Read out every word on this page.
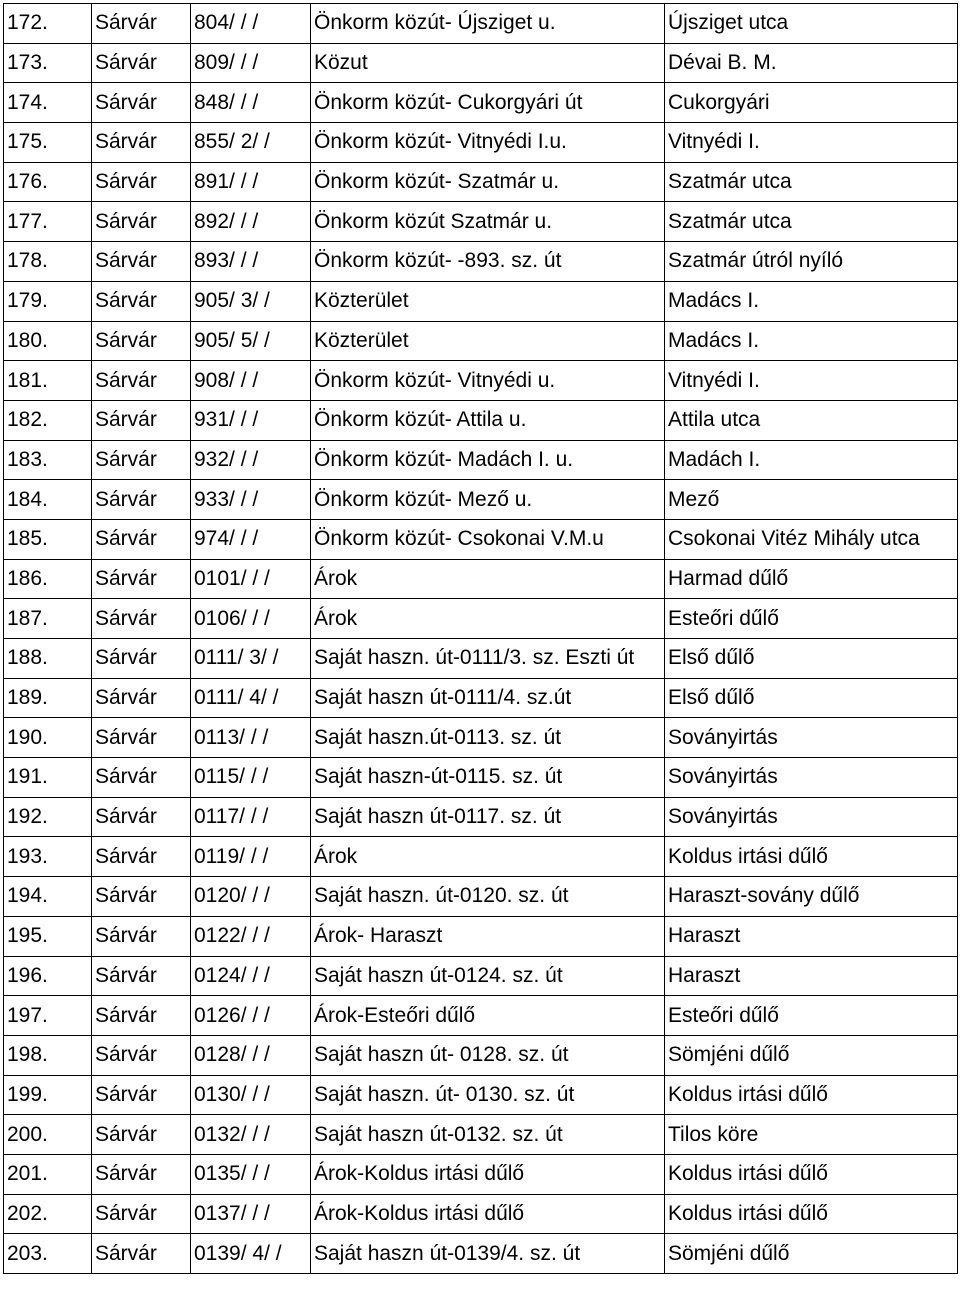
172.	Sárvár	804/ / /	Önkorm közút- Újsziget u.	Újsziget utca
173.	Sárvár	809/ / /	Közut	Dévai B. M.
174.	Sárvár	848/ / /	Önkorm közút- Cukorgyári út	Cukorgyári
175.	Sárvár	855/ 2/ /	Önkorm közút- Vitnyédi I.u.	Vitnyédi I.
176.	Sárvár	891/ / /	Önkorm közút- Szatmár u.	Szatmár utca
177.	Sárvár	892/ / /	Önkorm közút Szatmár u.	Szatmár utca
178.	Sárvár	893/ / /	Önkorm közút- -893. sz. út	Szatmár útról nyíló
179.	Sárvár	905/ 3/ /	Közterület	Madács I.
180.	Sárvár	905/ 5/ /	Közterület	Madács I.
181.	Sárvár	908/ / /	Önkorm közút- Vitnyédi u.	Vitnyédi I.
182.	Sárvár	931/ / /	Önkorm közút- Attila u.	Attila utca
183.	Sárvár	932/ / /	Önkorm közút- Madách I. u.	Madách I.
184.	Sárvár	933/ / /	Önkorm közút- Mező u.	Mező
185.	Sárvár	974/ / /	Önkorm közút- Csokonai V.M.u	Csokonai Vitéz Mihály utca
186.	Sárvár	0101/ / /	Árok	Harmad dűlő
187.	Sárvár	0106/ / /	Árok	Esteőri dűlő
188.	Sárvár	0111/ 3/ /	Saját haszn. út-0111/3. sz. Eszti út	Első dűlő
189.	Sárvár	0111/ 4/ /	Saját haszn út-0111/4. sz.út	Első dűlő
190.	Sárvár	0113/ / /	Saját haszn.út-0113. sz. út	Soványirtás
191.	Sárvár	0115/ / /	Saját haszn-út-0115. sz. út	Soványirtás
192.	Sárvár	0117/ / /	Saját haszn út-0117. sz. út	Soványirtás
193.	Sárvár	0119/ / /	Árok	Koldus irtási dűlő
194.	Sárvár	0120/ / /	Saját haszn. út-0120. sz. út	Haraszt-sovány dűlő
195.	Sárvár	0122/ / /	Árok- Haraszt	Haraszt
196.	Sárvár	0124/ / /	Saját haszn út-0124. sz. út	Haraszt
197.	Sárvár	0126/ / /	Árok-Esteőri dűlő	Esteőri dűlő
198.	Sárvár	0128/ / /	Saját haszn út- 0128. sz. út	Sömjéni dűlő
199.	Sárvár	0130/ / /	Saját haszn. út- 0130. sz. út	Koldus irtási dűlő
200.	Sárvár	0132/ / /	Saját haszn út-0132. sz. út	Tilos köre
201.	Sárvár	0135/ / /	Árok-Koldus irtási dűlő	Koldus irtási dűlő
202.	Sárvár	0137/ / /	Árok-Koldus irtási dűlő	Koldus irtási dűlő
203.	Sárvár	0139/ 4/ /	Saját haszn út-0139/4. sz. út	Sömjéni dűlő
